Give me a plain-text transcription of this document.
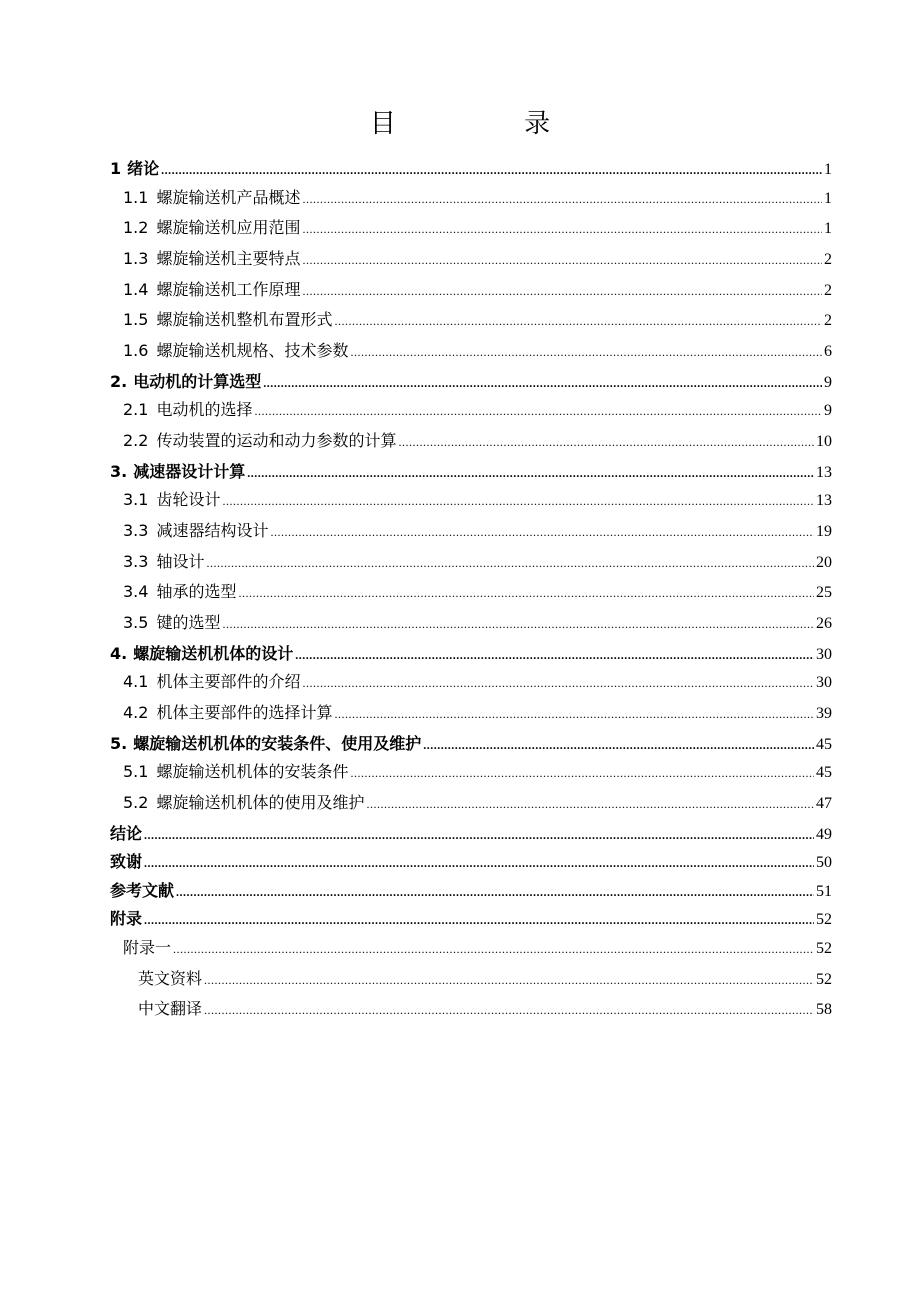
目 录
1 绪论 .....	1
1.1 螺旋输送机产品概述 .....	1
1.2 螺旋输送机应用范围 .....	1
1.3 螺旋输送机主要特点 .....	2
1.4 螺旋输送机工作原理 .....	2
1.5 螺旋输送机整机布置形式 .....	2
1.6 螺旋输送机规格、技术参数 .....	6
2. 电动机的计算选型 .....	9
2.1 电动机的选择 .....	9
2.2 传动装置的运动和动力参数的计算 .....	10
3. 减速器设计计算 .....	13
3.1 齿轮设计 .....	13
3.3 减速器结构设计 .....	19
3.3 轴设计 .....	20
3.4 轴承的选型 .....	25
3.5 键的选型 .....	26
4. 螺旋输送机机体的设计 .....	30
4.1 机体主要部件的介绍 .....	30
4.2 机体主要部件的选择计算 .....	39
5. 螺旋输送机机体的安装条件、使用及维护 .....	45
5.1 螺旋输送机机体的安装条件 .....	45
5.2 螺旋输送机机体的使用及维护 .....	47
结论 .....	49
致谢 .....	50
参考文献 .....	51
附录 .....	52
附录一 .....	52
英文资料 .....	52
中文翻译 .....	58
